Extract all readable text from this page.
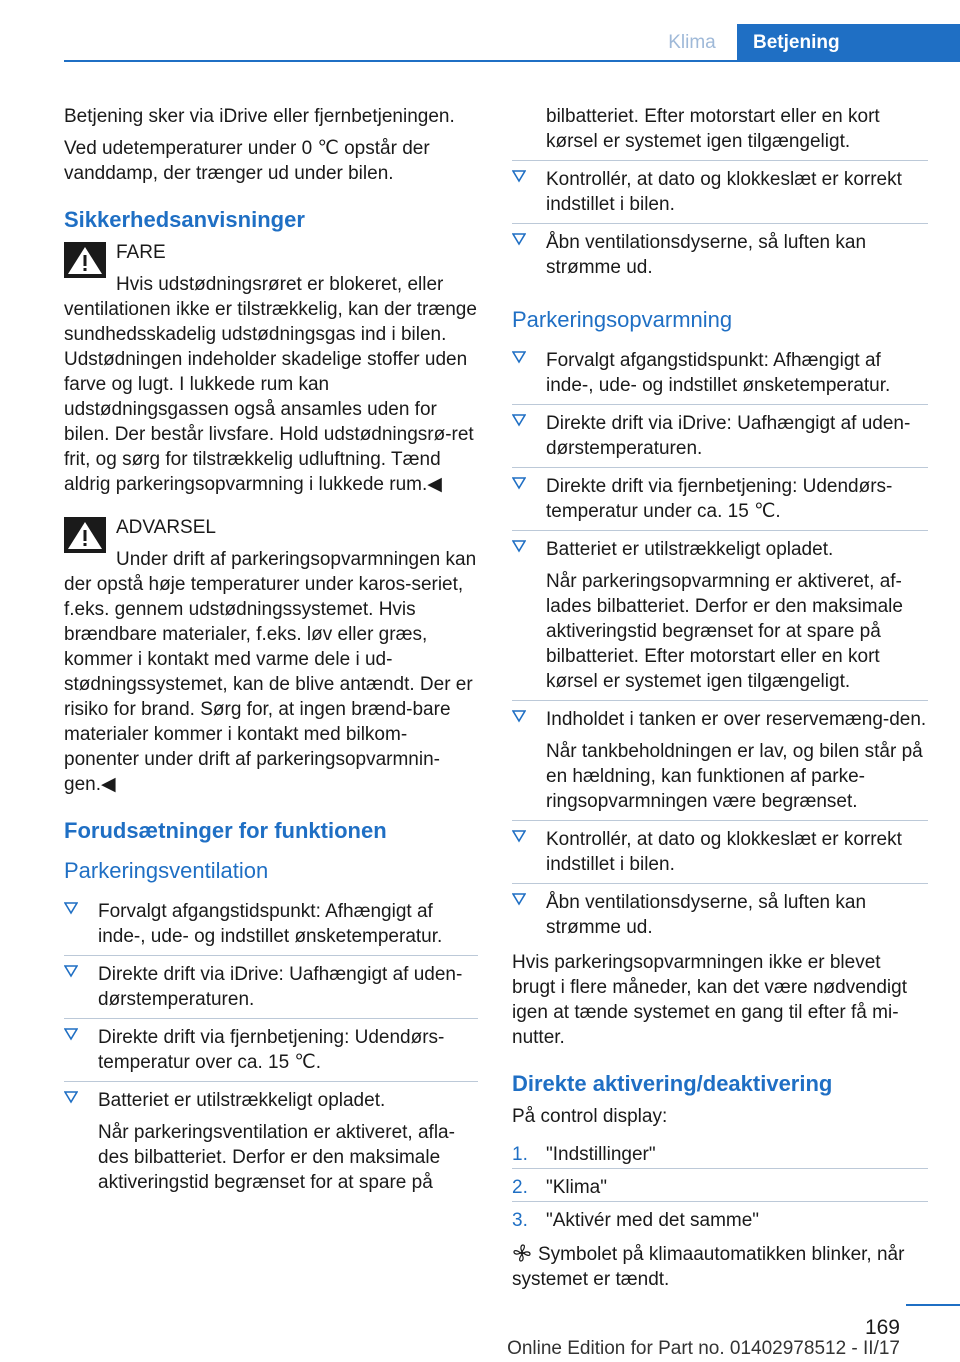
Klima	Betjening

Betjening sker via iDrive eller fjernbetjeningen.

Ved udetemperaturer under 0 ℃ opstår der vanddamp, der trænger ud under bilen.

Sikkerhedsanvisninger
FARE
Hvis udstødningsrøret er blokeret, eller ventilationen ikke er tilstrækkelig, kan der trænge sundhedsskadelig udstødningsgas ind i bilen. Udstødningen indeholder skadelige stoffer uden farve og lugt. I lukkede rum kan udstødningsgassen også ansamles uden for bilen. Der består livsfare. Hold udstødningsrø‐ret frit, og sørg for tilstrækkelig udluftning. Tænd aldrig parkeringsopvarmning i lukkede rum.◀
ADVARSEL
Under drift af parkeringsopvarmningen kan der opstå høje temperaturer under karos‐seriet, f.eks. gennem udstødningssystemet. Hvis brændbare materialer, f.eks. løv eller græs, kommer i kontakt med varme dele i ud‐stødningssystemet, kan de blive antændt. Der er risiko for brand. Sørg for, at ingen brænd‐bare materialer kommer i kontakt med bilkom‐ponenter under drift af parkeringsopvarmnin‐gen.◀
Forudsætninger for funktionen
Parkeringsventilation
Forvalgt afgangstidspunkt: Afhængigt af inde-, ude- og indstillet ønsketemperatur.
Direkte drift via iDrive: Uafhængigt af uden‐dørstemperaturen.
Direkte drift via fjernbetjening: Udendørs‐temperatur over ca. 15 ℃.
Batteriet er utilstrækkeligt opladet.
Når parkeringsventilation er aktiveret, afla‐des bilbatteriet. Derfor er den maksimale aktiveringstid begrænset for at spare på
bilbatteriet. Efter motorstart eller en kort kørsel er systemet igen tilgængeligt.
Kontrollér, at dato og klokkeslæt er korrekt indstillet i bilen.
Åbn ventilationsdyserne, så luften kan strømme ud.
Parkeringsopvarmning
Forvalgt afgangstidspunkt: Afhængigt af inde-, ude- og indstillet ønsketemperatur.
Direkte drift via iDrive: Uafhængigt af uden‐dørstemperaturen.
Direkte drift via fjernbetjening: Udendørs‐temperatur under ca. 15 ℃.
Batteriet er utilstrækkeligt opladet.
Når parkeringsopvarmning er aktiveret, af‐lades bilbatteriet. Derfor er den maksimale aktiveringstid begrænset for at spare på bilbatteriet. Efter motorstart eller en kort kørsel er systemet igen tilgængeligt.
Indholdet i tanken er over reservemæng‐den.
Når tankbeholdningen er lav, og bilen står på en hældning, kan funktionen af parke‐ringsopvarmningen være begrænset.
Kontrollér, at dato og klokkeslæt er korrekt indstillet i bilen.
Åbn ventilationsdyserne, så luften kan strømme ud.

Hvis parkeringsopvarmningen ikke er blevet brugt i flere måneder, kan det være nødvendigt igen at tænde systemet en gang til efter få mi‐nutter.

Direkte aktivering/deaktivering

På control display:

1. "Indstillinger"
2. "Klima"
3. "Aktivér med det samme"

Symbolet på klimaautomatikken blinker, når systemet er tændt.

169
Online Edition for Part no. 01402978512 - II/17
